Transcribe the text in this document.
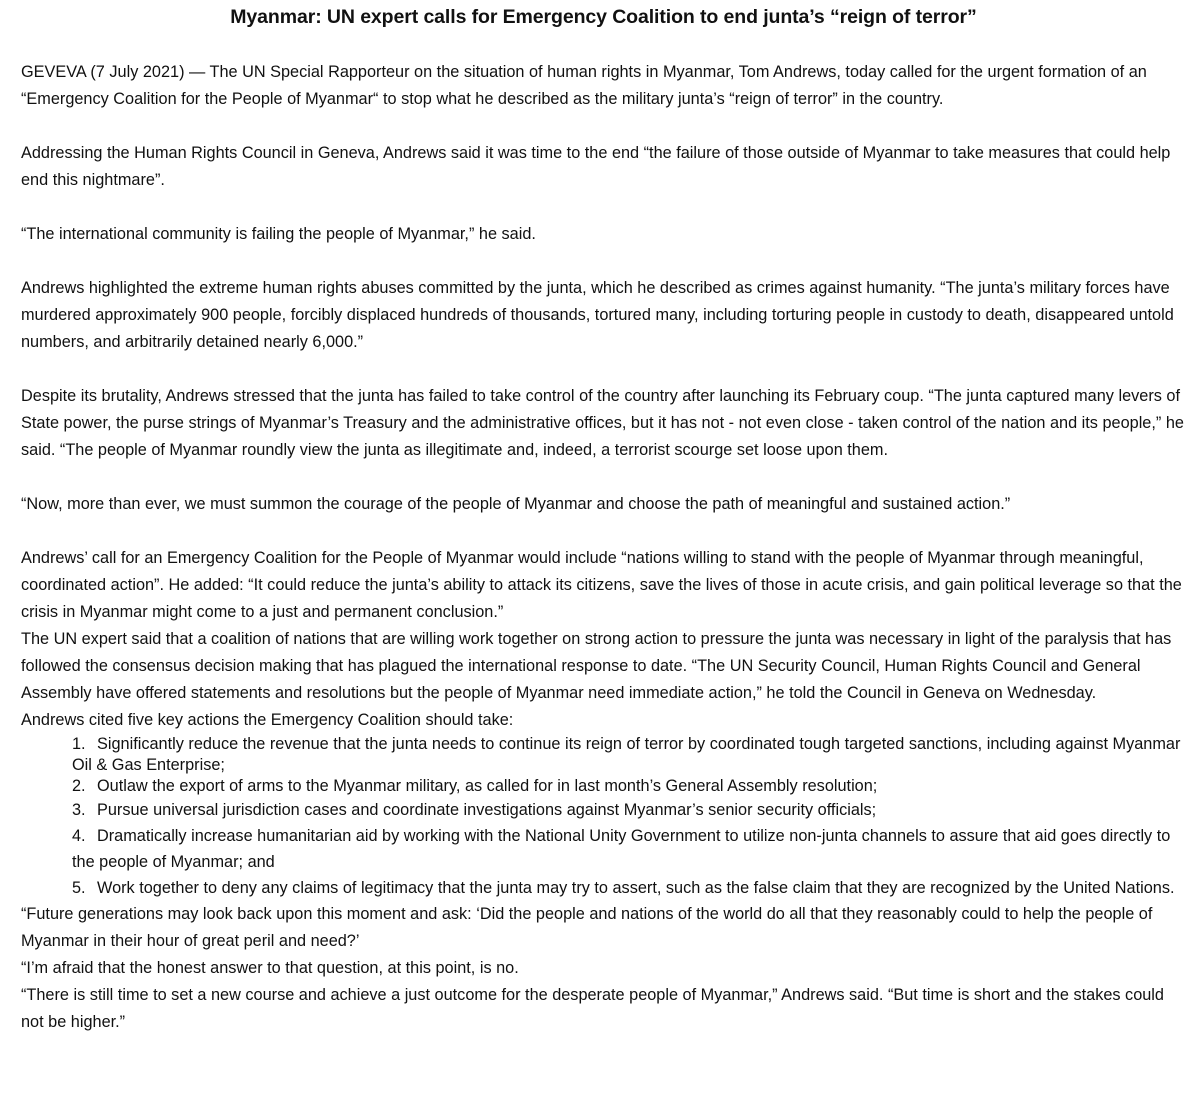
Myanmar: UN expert calls for Emergency Coalition to end junta’s “reign of terror”

GEVEVA (7 July 2021) — The UN Special Rapporteur on the situation of human rights in Myanmar, Tom Andrews, today called for the urgent formation of an “Emergency Coalition for the People of Myanmar“ to stop what he described as the military junta’s “reign of terror” in the country.

Addressing the Human Rights Council in Geneva, Andrews said it was time to the end “the failure of those outside of Myanmar to take measures that could help end this nightmare”.

“The international community is failing the people of Myanmar,” he said.

Andrews highlighted the extreme human rights abuses committed by the junta, which he described as crimes against humanity. “The junta’s military forces have murdered approximately 900 people, forcibly displaced hundreds of thousands, tortured many, including torturing people in custody to death, disappeared untold numbers, and arbitrarily detained nearly 6,000.”

Despite its brutality, Andrews stressed that the junta has failed to take control of the country after launching its February coup. “The junta captured many levers of State power, the purse strings of Myanmar’s Treasury and the administrative offices, but it has not - not even close - taken control of the nation and its people,” he said. “The people of Myanmar roundly view the junta as illegitimate and, indeed, a terrorist scourge set loose upon them.

“Now, more than ever, we must summon the courage of the people of Myanmar and choose the path of meaningful and sustained action.”

Andrews’ call for an Emergency Coalition for the People of Myanmar would include “nations willing to stand with the people of Myanmar through meaningful, coordinated action”. He added: “It could reduce the junta’s ability to attack its citizens, save the lives of those in acute crisis, and gain political leverage so that the crisis in Myanmar might come to a just and permanent conclusion.”

The UN expert said that a coalition of nations that are willing work together on strong action to pressure the junta was necessary in light of the paralysis that has followed the consensus decision making that has plagued the international response to date. “The UN Security Council, Human Rights Council and General Assembly have offered statements and resolutions but the people of Myanmar need immediate action,” he told the Council in Geneva on Wednesday.

Andrews cited five key actions the Emergency Coalition should take:

1. Significantly reduce the revenue that the junta needs to continue its reign of terror by coordinated tough targeted sanctions, including against Myanmar Oil & Gas Enterprise;
2. Outlaw the export of arms to the Myanmar military, as called for in last month’s General Assembly resolution;
3. Pursue universal jurisdiction cases and coordinate investigations against Myanmar’s senior security officials;
4. Dramatically increase humanitarian aid by working with the National Unity Government to utilize non-junta channels to assure that aid goes directly to the people of Myanmar; and
5. Work together to deny any claims of legitimacy that the junta may try to assert, such as the false claim that they are recognized by the United Nations.

“Future generations may look back upon this moment and ask: ‘Did the people and nations of the world do all that they reasonably could to help the people of Myanmar in their hour of great peril and need?’

“I’m afraid that the honest answer to that question, at this point, is no.

“There is still time to set a new course and achieve a just outcome for the desperate people of Myanmar,” Andrews said. “But time is short and the stakes could not be higher.”
